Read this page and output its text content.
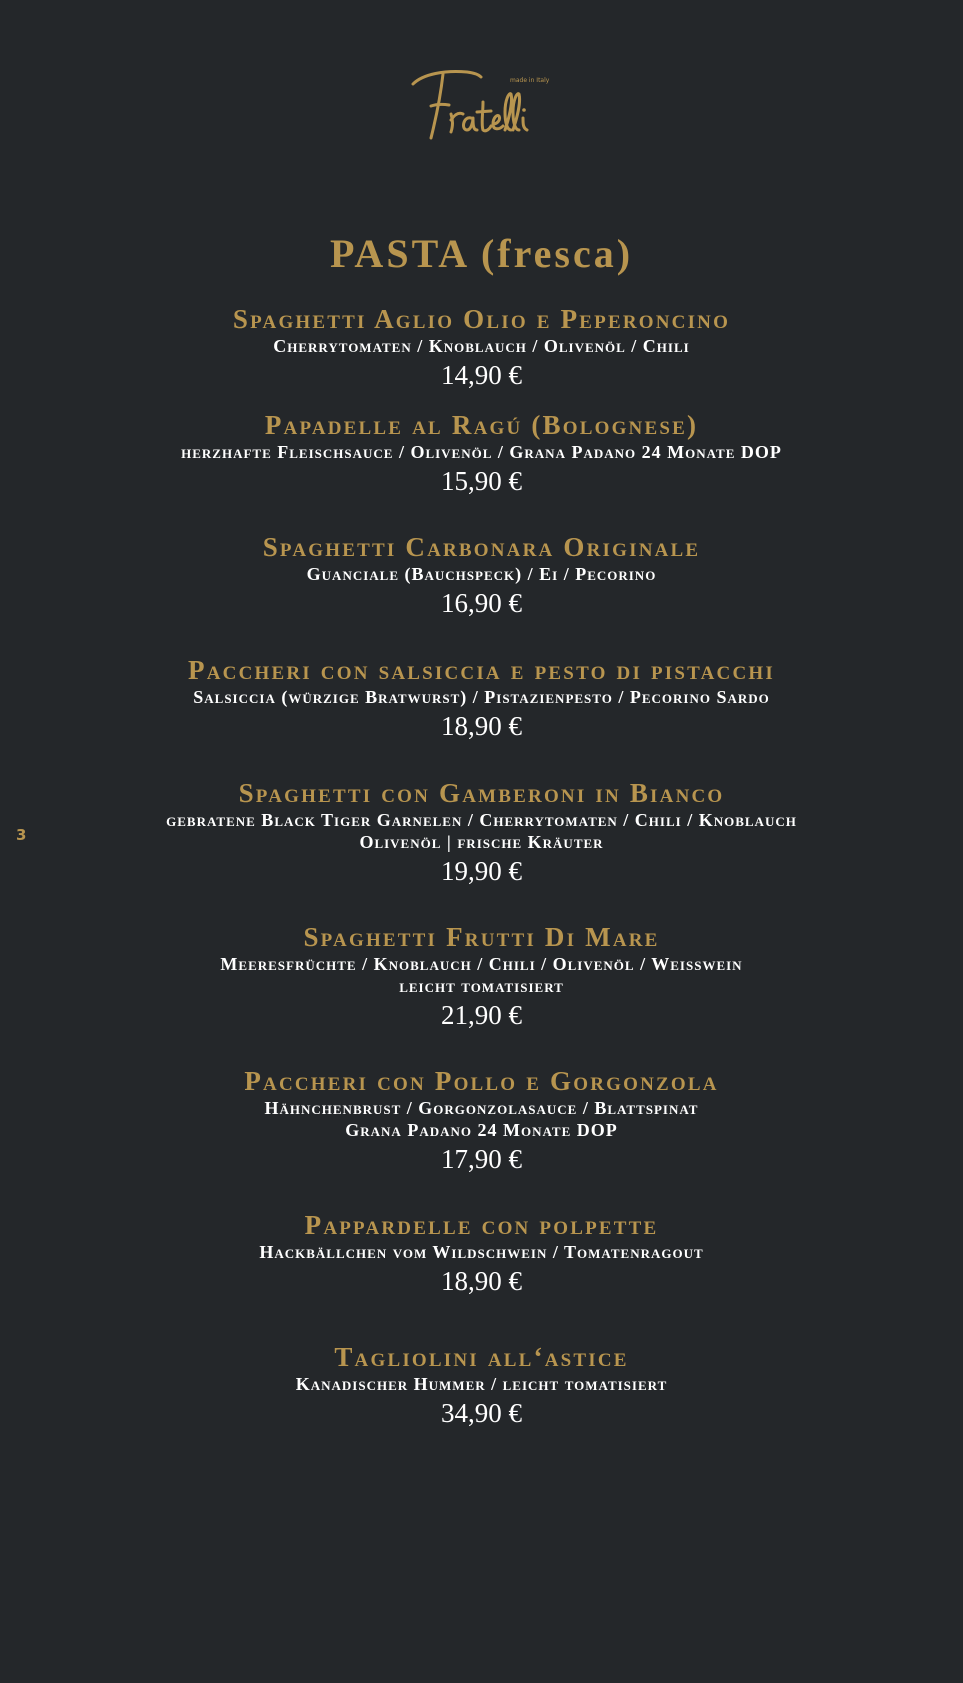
made in Italy
PASTA (fresca)
Spaghetti Aglio Olio e Peperoncino
Cherrytomaten / Knoblauch / Olivenöl / Chili
14,90 €
Papadelle al Ragú (Bolognese)
herzhafte Fleischsauce / Olivenöl / Grana Padano 24 Monate DOP
15,90 €
Spaghetti Carbonara Originale
Guanciale (Bauchspeck) / Ei / Pecorino
16,90 €
Paccheri con salsiccia e pesto di pistacchi
Salsiccia (würzige Bratwurst) / Pistazienpesto / Pecorino Sardo
18,90 €
Spaghetti con Gamberoni in Bianco
gebratene Black Tiger Garnelen / Cherrytomaten / Chili / Knoblauch
Olivenöl | frische Kräuter
19,90 €
Spaghetti Frutti Di Mare
Meeresfrüchte / Knoblauch / Chili / Olivenöl / Weisswein
leicht tomatisiert
21,90 €
Paccheri con Pollo e Gorgonzola
Hähnchenbrust / Gorgonzolasauce / Blattspinat
Grana Padano 24 Monate DOP
17,90 €
Pappardelle con polpette
Hackbällchen vom Wildschwein / Tomatenragout
18,90 €
Tagliolini all‘astice
Kanadischer Hummer / leicht tomatisiert
34,90 €
3
